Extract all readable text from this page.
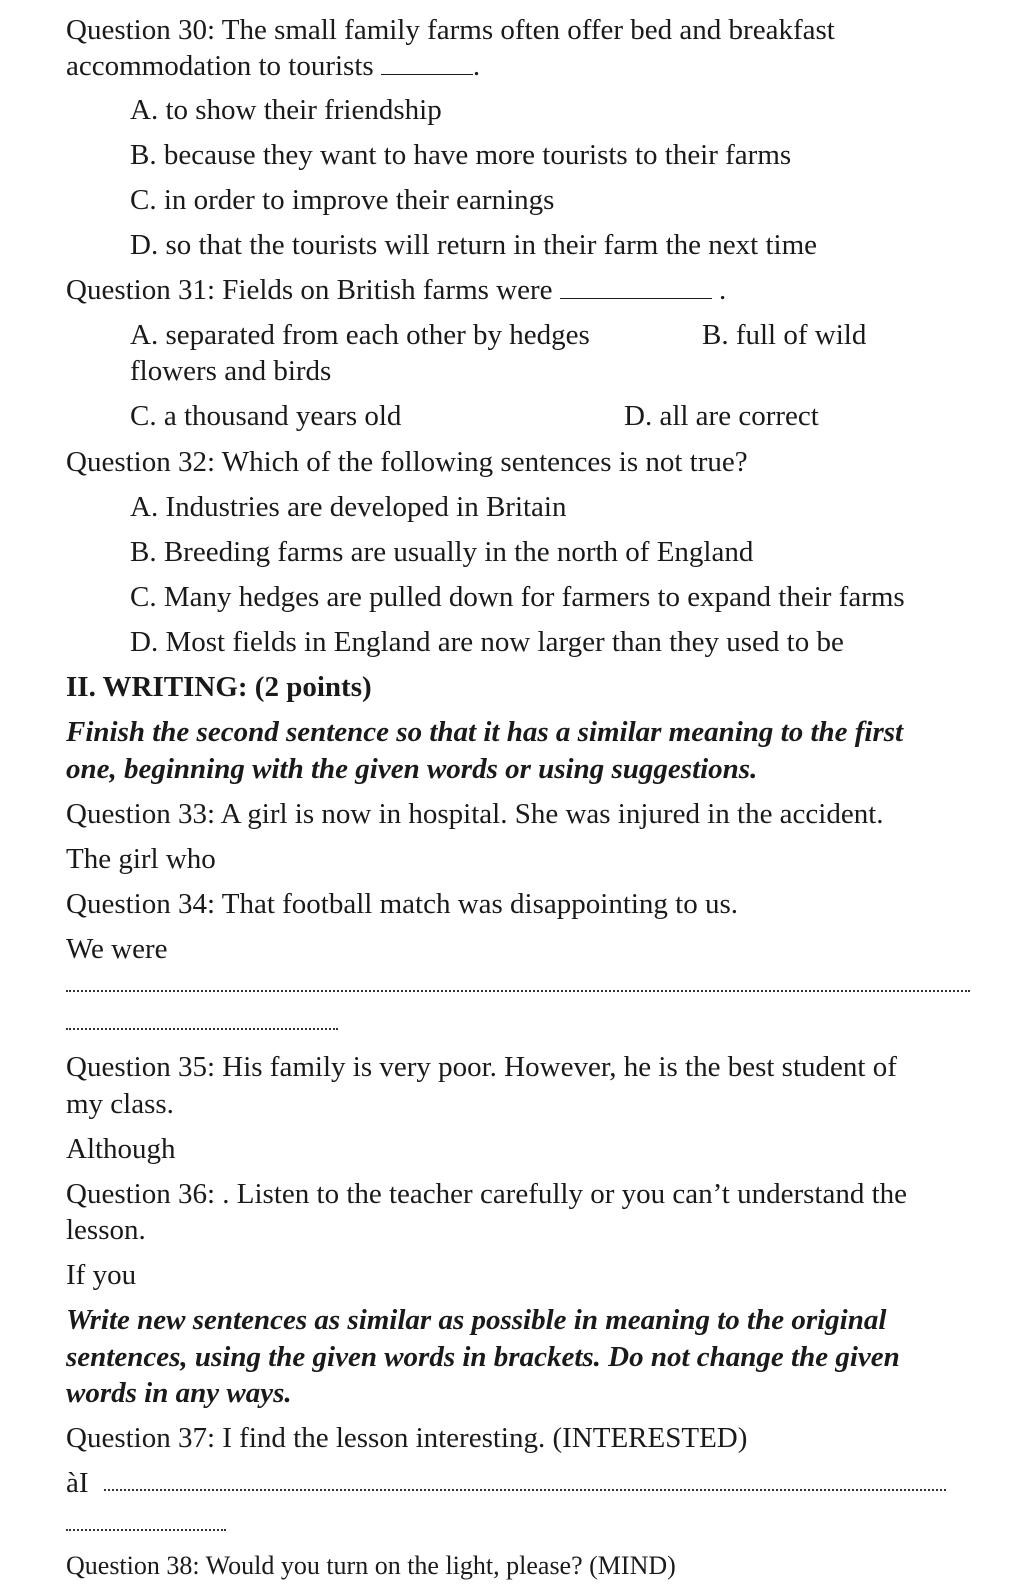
Question 30: The small family farms often offer bed and breakfast
accommodation to tourists	.
A. to show their friendship
B. because they want to have more tourists to their farms
C. in order to improve their earnings
D. so that the tourists will return in their farm the next time
Question 31: Fields on British farms were	.
A. separated from each other by hedges	B. full of wild
flowers and birds
C. a thousand years old	D. all are correct
Question 32: Which of the following sentences is not true?
A. Industries are developed in Britain
B. Breeding farms are usually in the north of England
C. Many hedges are pulled down for farmers to expand their farms
D. Most fields in England are now larger than they used to be
II. WRITING: (2 points)
Finish the second sentence so that it has a similar meaning to the first
one, beginning with the given words or using suggestions.
Question 33: A girl is now in hospital. She was injured in the accident.
The girl who
Question 34: That football match was disappointing to us.
We were
Question 35: His family is very poor. However, he is the best student of
my class.
Although
Question 36: . Listen to the teacher carefully or you can’t understand the
lesson.
If you
Write new sentences as similar as possible in meaning to the original
sentences, using the given words in brackets. Do not change the given
words in any ways.
Question 37: I find the lesson interesting. (INTERESTED)
àI
Question 38: Would you turn on the light, please? (MIND)
